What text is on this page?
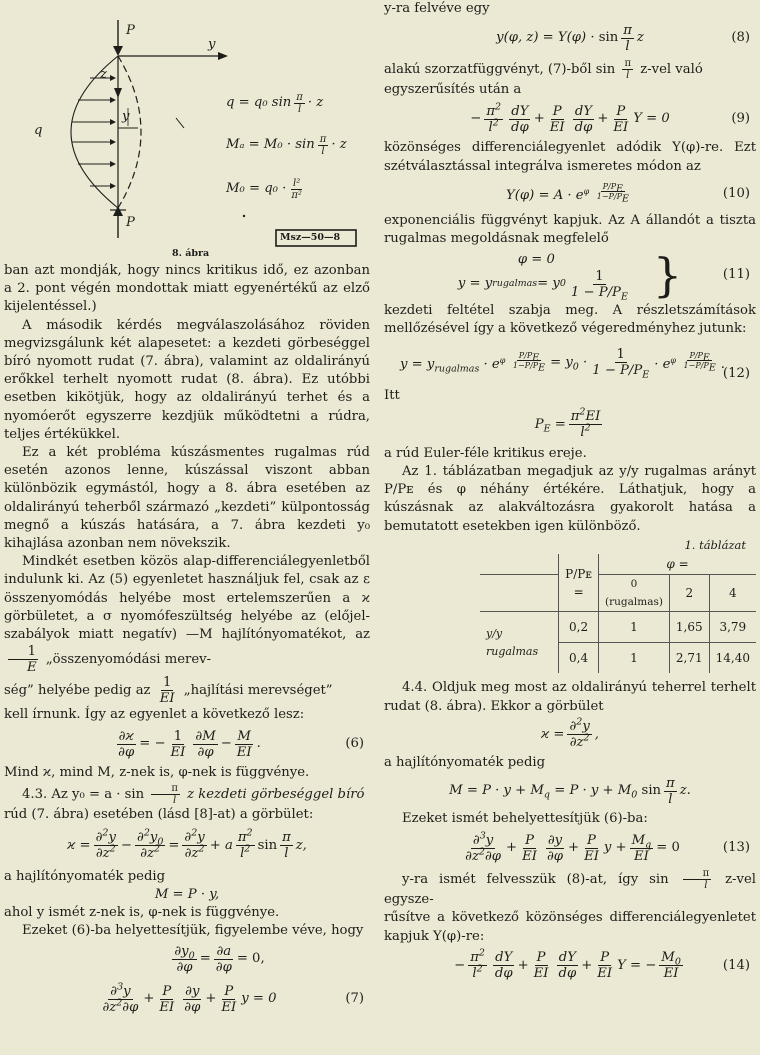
P
y
z
y
q
P
q = q₀ $\sin \frac{\pi}{l} \cdot z$
$M_a = M_0 \cdot \sin \frac{\pi}{l} \cdot z$
$M_0 = q_0 \cdot \frac{\text{l²}}{\text{π²}}$
Msz—50—8
8. ábra

ban azt mondják, hogy nincs kritikus idő, ez azonban a 2. pont végén mondottak miatt egyenértékű az elző kijelentéssel.)

A második kérdés megválaszolásához röviden megvizsgálunk két alapesetet: a kezdeti görbeséggel bíró nyomott rudat (7. ábra), valamint az oldalirányú erőkkel terhelt nyomott rudat (8. ábra). Ez utóbbi esetben kikötjük, hogy az oldalirányú terhet és a nyomóerőt egyszerre kezdjük működtetni a rúdra, teljes értékükkel.

Ez a két probléma kúszásmentes rugalmas rúd esetén azonos lenne, kúszással viszont abban különbözik egymástól, hogy a 8. ábra esetében az oldalirányú teherből származó „kezdeti” külpontosság megnő a kúszás hatására, a 7. ábra kezdeti y₀ kihajlása azonban nem növekszik.

Mindkét esetben közös alap-differenciálegyenletből indulunk ki. Az (5) egyenletet használjuk fel, csak az ε összenyomódás helyébe most ertelemszerűen a ϰ görbületet, a σ nyomófeszültség helyébe az (előjel-szabályok miatt negatív) —M hajlítónyomatékot, az
$\frac{1}{E}$ „összenyomódási merev-

ség” helyébe pedig az $\frac{1}{EI}$ „hajlítási merevséget”

kell írnunk. Így az egyenlet a következő lesz:

$\frac{\partial ϰ}{\partial\varphi}$ = − $\frac{1}{EI} \frac{\partial M}{\partial\varphi} - \frac{M}{EI}$ .	(6)

Mind ϰ, mind M, z-nek is, φ-nek is függvénye.

4.3. Az $y_0 = a \cdot \sin \frac{\pi}{l}$ z kezdeti görbeséggel bíró

rúd (7. ábra) esetében (lásd [8]-at) a görbület:

$ϰ = \frac{\partial^2y}{\partial z^2} - \frac{\partial^2y_0}{\partial z^2} = \frac{\partial^2y}{\partial z^2} + a \frac{\pi^2}{l^2}$ $\sin \frac{\pi}{l} z$,

a hajlítónyomaték pedig

M = P · y,

ahol y ismét z-nek is, φ-nek is függvénye.

Ezeket (6)-ba helyettesítjük, figyelembe véve, hogy

$\frac{\partial y_0}{\partial\varphi} = \frac{\partial a}{\partial\varphi} = 0$,
$\frac{\partial^3y}{\partial z^2\partial\varphi} + \frac{P}{EI} \frac{\partial y}{\partial\varphi} + \frac{P}{EI}$ y = 0	(7)

y-ra felvéve egy

y(φ, $z) = Y(\varphi) \cdot \sin \frac{\pi}{l}$ z	(8)

alakú szorzatfüggvényt, (7)-ből $\sin \frac{\pi}{l} z-vel$ való

egyszerűsítés után a

− $\frac{\pi^2}{l^2} \frac{dY}{d\varphi} + \frac{P}{EI} \frac{dY}{d\varphi} + \frac{P}{EI}$ Y = 0	(9)

közönséges differenciálegyenlet adódik Y(φ)-re. Ezt szétválasztással integrálva ismeretes módon az

$Y(\varphi) = A \cdot e^{\varphi \frac{P/P_E}{1-P/P_E}}$	(10)

exponenciális függvényt kapjuk. Az A állandót a tiszta rugalmas megoldásnak megfelelő

φ = 0
y = y rugalmas = y $0 \frac{1}{1 - P/P_E}$ }	(11)

kezdeti feltétel szabja meg. A részletszámítások mellőzésével így a következő végeredményhez jutunk:

$y = y_{rugalmas} \cdot e^{\varphi \frac{P/P_E}{1-P/P_E}} = y_0 \cdot \frac{1}{1 - P/P_E} \cdot e^{\varphi \frac{P/P_E}{1-P/P_E}}$ .
(12)

Itt

$P_E = \frac{\pi^2EI}{l^2}$

a rúd Euler-féle kritikus ereje.

Az 1. táblázatban megadjuk az y/y rugalmas arányt P/Pᴇ és φ néhány értékére. Láthatjuk, hogy a kúszásnak az alakváltozásra gyakorolt hatása a bemutatott esetekben igen különböző.

1. táblázat
	P/Pᴇ =	φ =		
		0 (rugalmas)	2	4
y/y rugalmas	0,2	1	1,65	3,79
	0,4	1	2,71	14,40

4.4. Oldjuk meg most az oldalirányú teherrel terhelt rudat (8. ábra). Ekkor a görbület

$ϰ = \frac{\partial^2y}{\partial z^2}$ ,

a hajlítónyomaték pedig

$M = P \cdot y + M_q = P \cdot y + M_0$ $\sin \frac{\pi}{l} z$.

Ezeket ismét behelyettesítjük (6)-ba:

$\frac{\partial^3y}{\partial z^2\partial\varphi} + \frac{P}{EI} \frac{\partial y}{\partial\varphi} + \frac{P}{EI}$ $y + \frac{M_q}{EI} = 0$	(13)

y-ra ismét felvesszük (8)-at, így $\sin \frac{\pi}{l} z-vel$ egysze-

rűsítve a következő közönséges differenciálegyenletet kapjuk Y(φ)-re:

− $\frac{\pi^2}{l^2} \frac{dY}{d\varphi} + \frac{P}{EI} \frac{dY}{d\varphi} + \frac{P}{EI}$ Y = − $\frac{M_0}{EI}$	(14)
